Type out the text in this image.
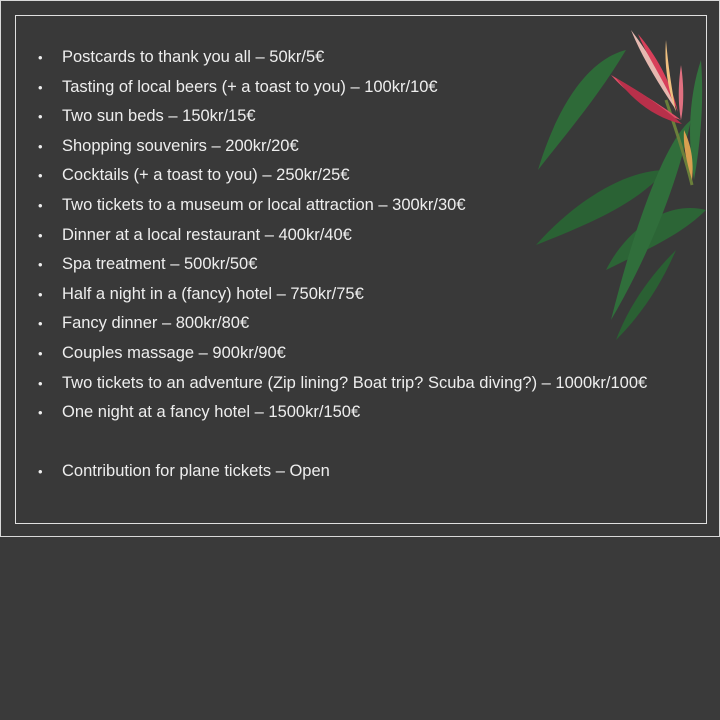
• Postcards to thank you all – 50kr/5€
• Tasting of local beers (+ a toast to you) – 100kr/10€
• Two sun beds – 150kr/15€
• Shopping souvenirs – 200kr/20€
• Cocktails (+ a toast to you) – 250kr/25€
• Two tickets to a museum or local attraction – 300kr/30€
• Dinner at a local restaurant – 400kr/40€
• Spa treatment – 500kr/50€
• Half a night in a (fancy) hotel – 750kr/75€
• Fancy dinner – 800kr/80€
• Couples massage – 900kr/90€
• Two tickets to an adventure (Zip lining? Boat trip? Scuba diving?) – 1000kr/100€
• One night at a fancy hotel – 1500kr/150€
• Contribution for plane tickets – Open
